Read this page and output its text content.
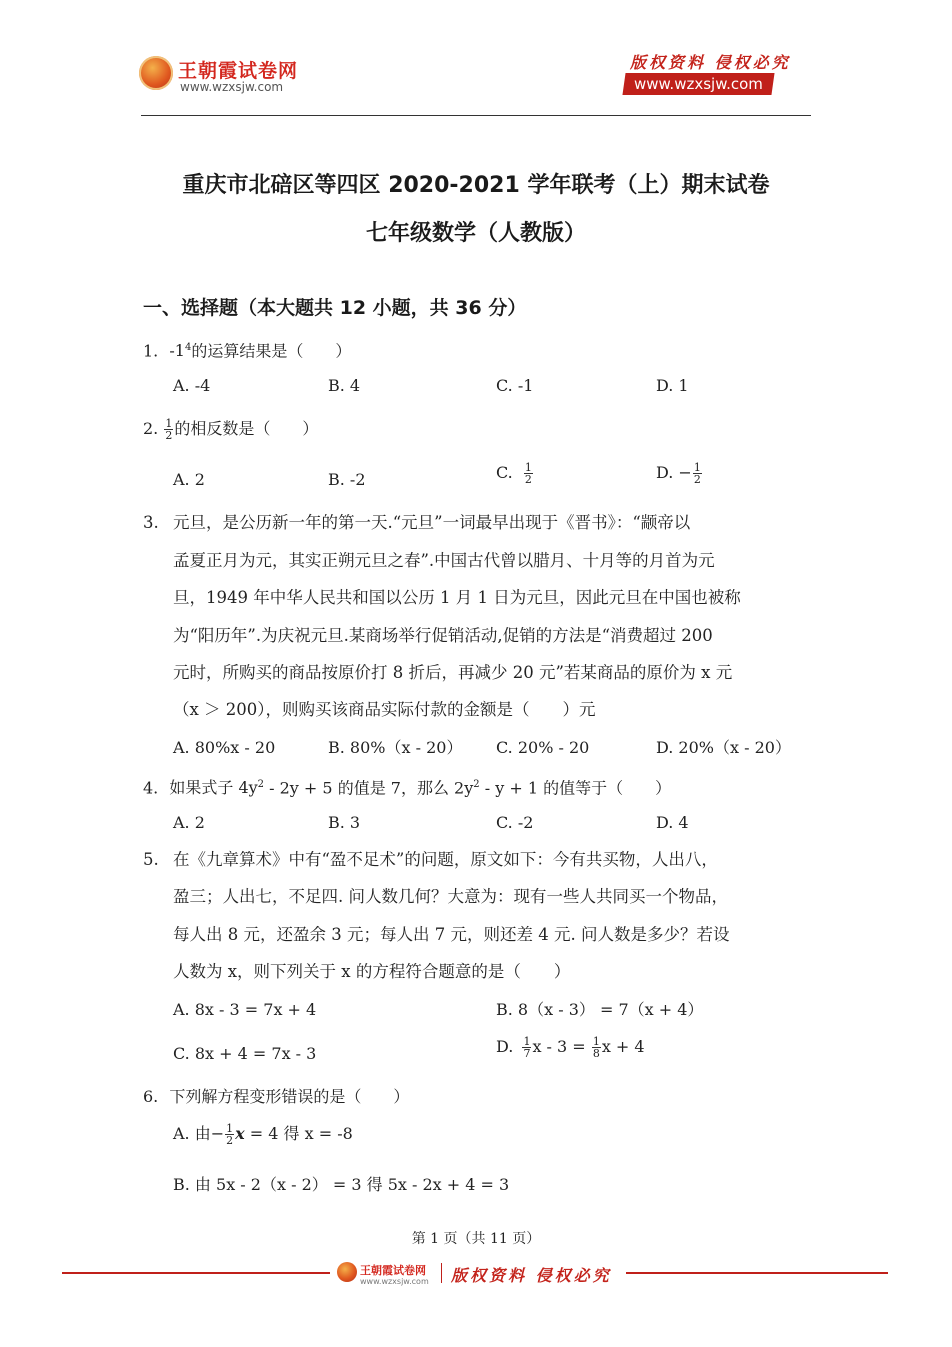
王朝霞试卷网
www.wzxsjw.com
版权资料 侵权必究
www.wzxsjw.com
重庆市北碚区等四区 2020-2021 学年联考（上）期末试卷
七年级数学（人教版）
一、选择题（本大题共 12 小题，共 36 分）
1. $-1^4$的运算结果是（　　）
A. -4	B. 4	C. -1	D. 1
2. $\frac{1}{2}$ 的相反数是（　　）
A. 2	B. -2	C. $\frac{1}{2}$	D. − $\frac{1}{2}$
3. 元旦，是公历新一年的第一天.“元旦”一词最早出现于《晋书》：“颛帝以
孟夏正月为元，其实正朔元旦之春”.中国古代曾以腊月、十月等的月首为元
旦，1949 年中华人民共和国以公历 1 月 1 日为元旦，因此元旦在中国也被称
为“阳历年”.为庆祝元旦.某商场举行促销活动,促销的方法是“消费超过 200
元时，所购买的商品按原价打 8 折后，再减少 20 元”若某商品的原价为 x 元
（x ＞ 200），则购买该商品实际付款的金额是（　　）元
A. 80%x - 20	B. 80%（x - 20） C. 20% - 20	D. 20%（x - 20）
4. 如果式子 $4y^2 - 2y + 5$ 的值是 7，那么 $2y^2 - y + 1$ 的值等于（　　）
A. 2	B. 3	C. -2	D. 4
5. 在《九章算术》中有“盈不足术”的问题，原文如下：今有共买物，人出八，
盈三；人出七，不足四. 问人数几何？大意为：现有一些人共同买一个物品，
每人出 8 元，还盈余 3 元；每人出 7 元，则还差 4 元. 问人数是多少？若设
人数为 x，则下列关于 x 的方程符合题意的是（　　）
A. 8x - 3 = 7x + 4	B. 8（x - 3） = 7（x + 4）
C. 8x + 4 = 7x - 3	D. $\frac{1}{7}$ $x - 3 = \frac{1}{8}$ x + 4
6. 下列解方程变形错误的是（　　）
A. 由− $\frac{1}{2}$ x = 4 得 x = -8
B. 由 5x - 2（x - 2） = 3 得 5x - 2x + 4 = 3
第 1 页（共 11 页）
王朝霞试卷网
www.wzxsjw.com 版权资料 侵权必究
